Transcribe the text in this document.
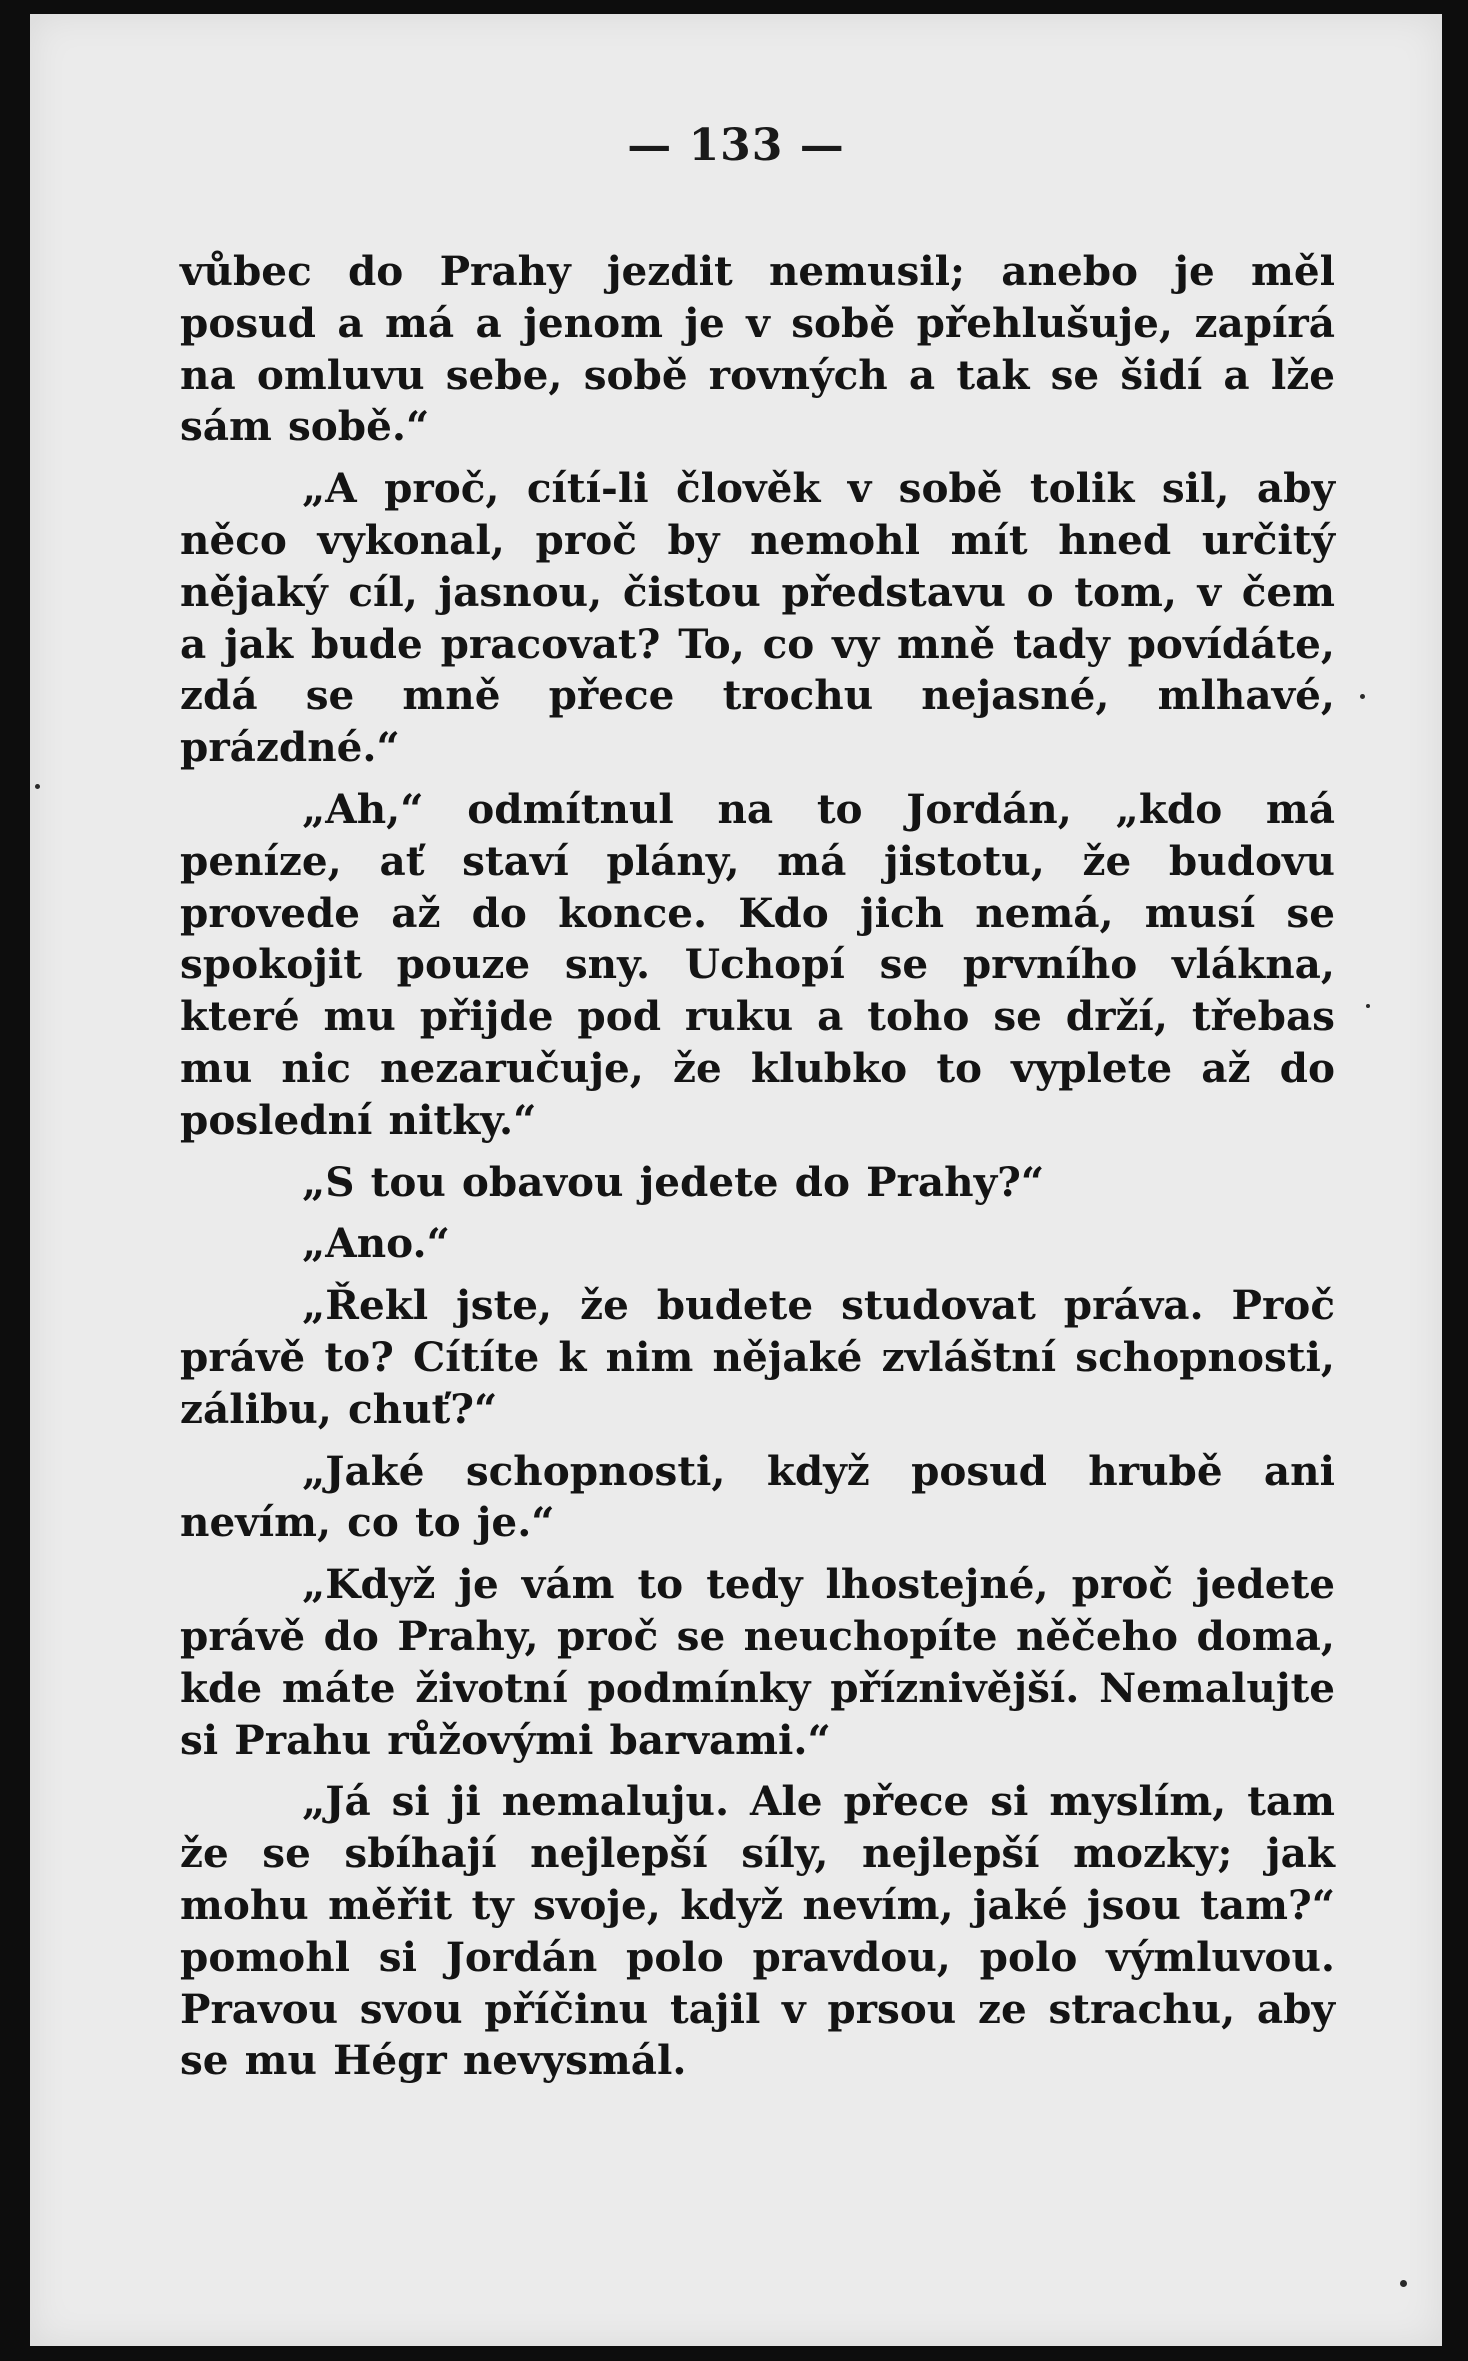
— 133 —

vůbec do Prahy jezdit nemusil; anebo je měl posud a má a jenom je v sobě přehlušuje, zapírá na omluvu sebe, sobě rovných a tak se šidí a lže sám sobě.“

„A proč, cítí-li člověk v sobě tolik sil, aby něco vykonal, proč by nemohl mít hned určitý nějaký cíl, jasnou, čistou představu o tom, v čem a jak bude pracovat? To, co vy mně tady povídáte, zdá se mně přece trochu nejasné, mlhavé, prázdné.“

„Ah,“ odmítnul na to Jordán, „kdo má peníze, ať staví plány, má jistotu, že budovu provede až do konce. Kdo jich nemá, musí se spokojit pouze sny. Uchopí se prvního vlákna, které mu přijde pod ruku a toho se drží, třebas mu nic nezaručuje, že klubko to vyplete až do poslední nitky.“

„S tou obavou jedete do Prahy?“

„Ano.“

„Řekl jste, že budete studovat práva. Proč právě to? Cítíte k nim nějaké zvláštní schopnosti, zálibu, chuť?“

„Jaké schopnosti, když posud hrubě ani nevím, co to je.“

„Když je vám to tedy lhostejné, proč jedete právě do Prahy, proč se neuchopíte něčeho doma, kde máte životní podmínky příznivější. Nemalujte si Prahu růžovými barvami.“

„Já si ji nemaluju. Ale přece si myslím, tam že se sbíhají nejlepší síly, nejlepší mozky; jak mohu měřit ty svoje, když nevím, jaké jsou tam?“ pomohl si Jordán polo pravdou, polo výmluvou. Pravou svou příčinu tajil v prsou ze strachu, aby se mu Hégr nevysmál.
